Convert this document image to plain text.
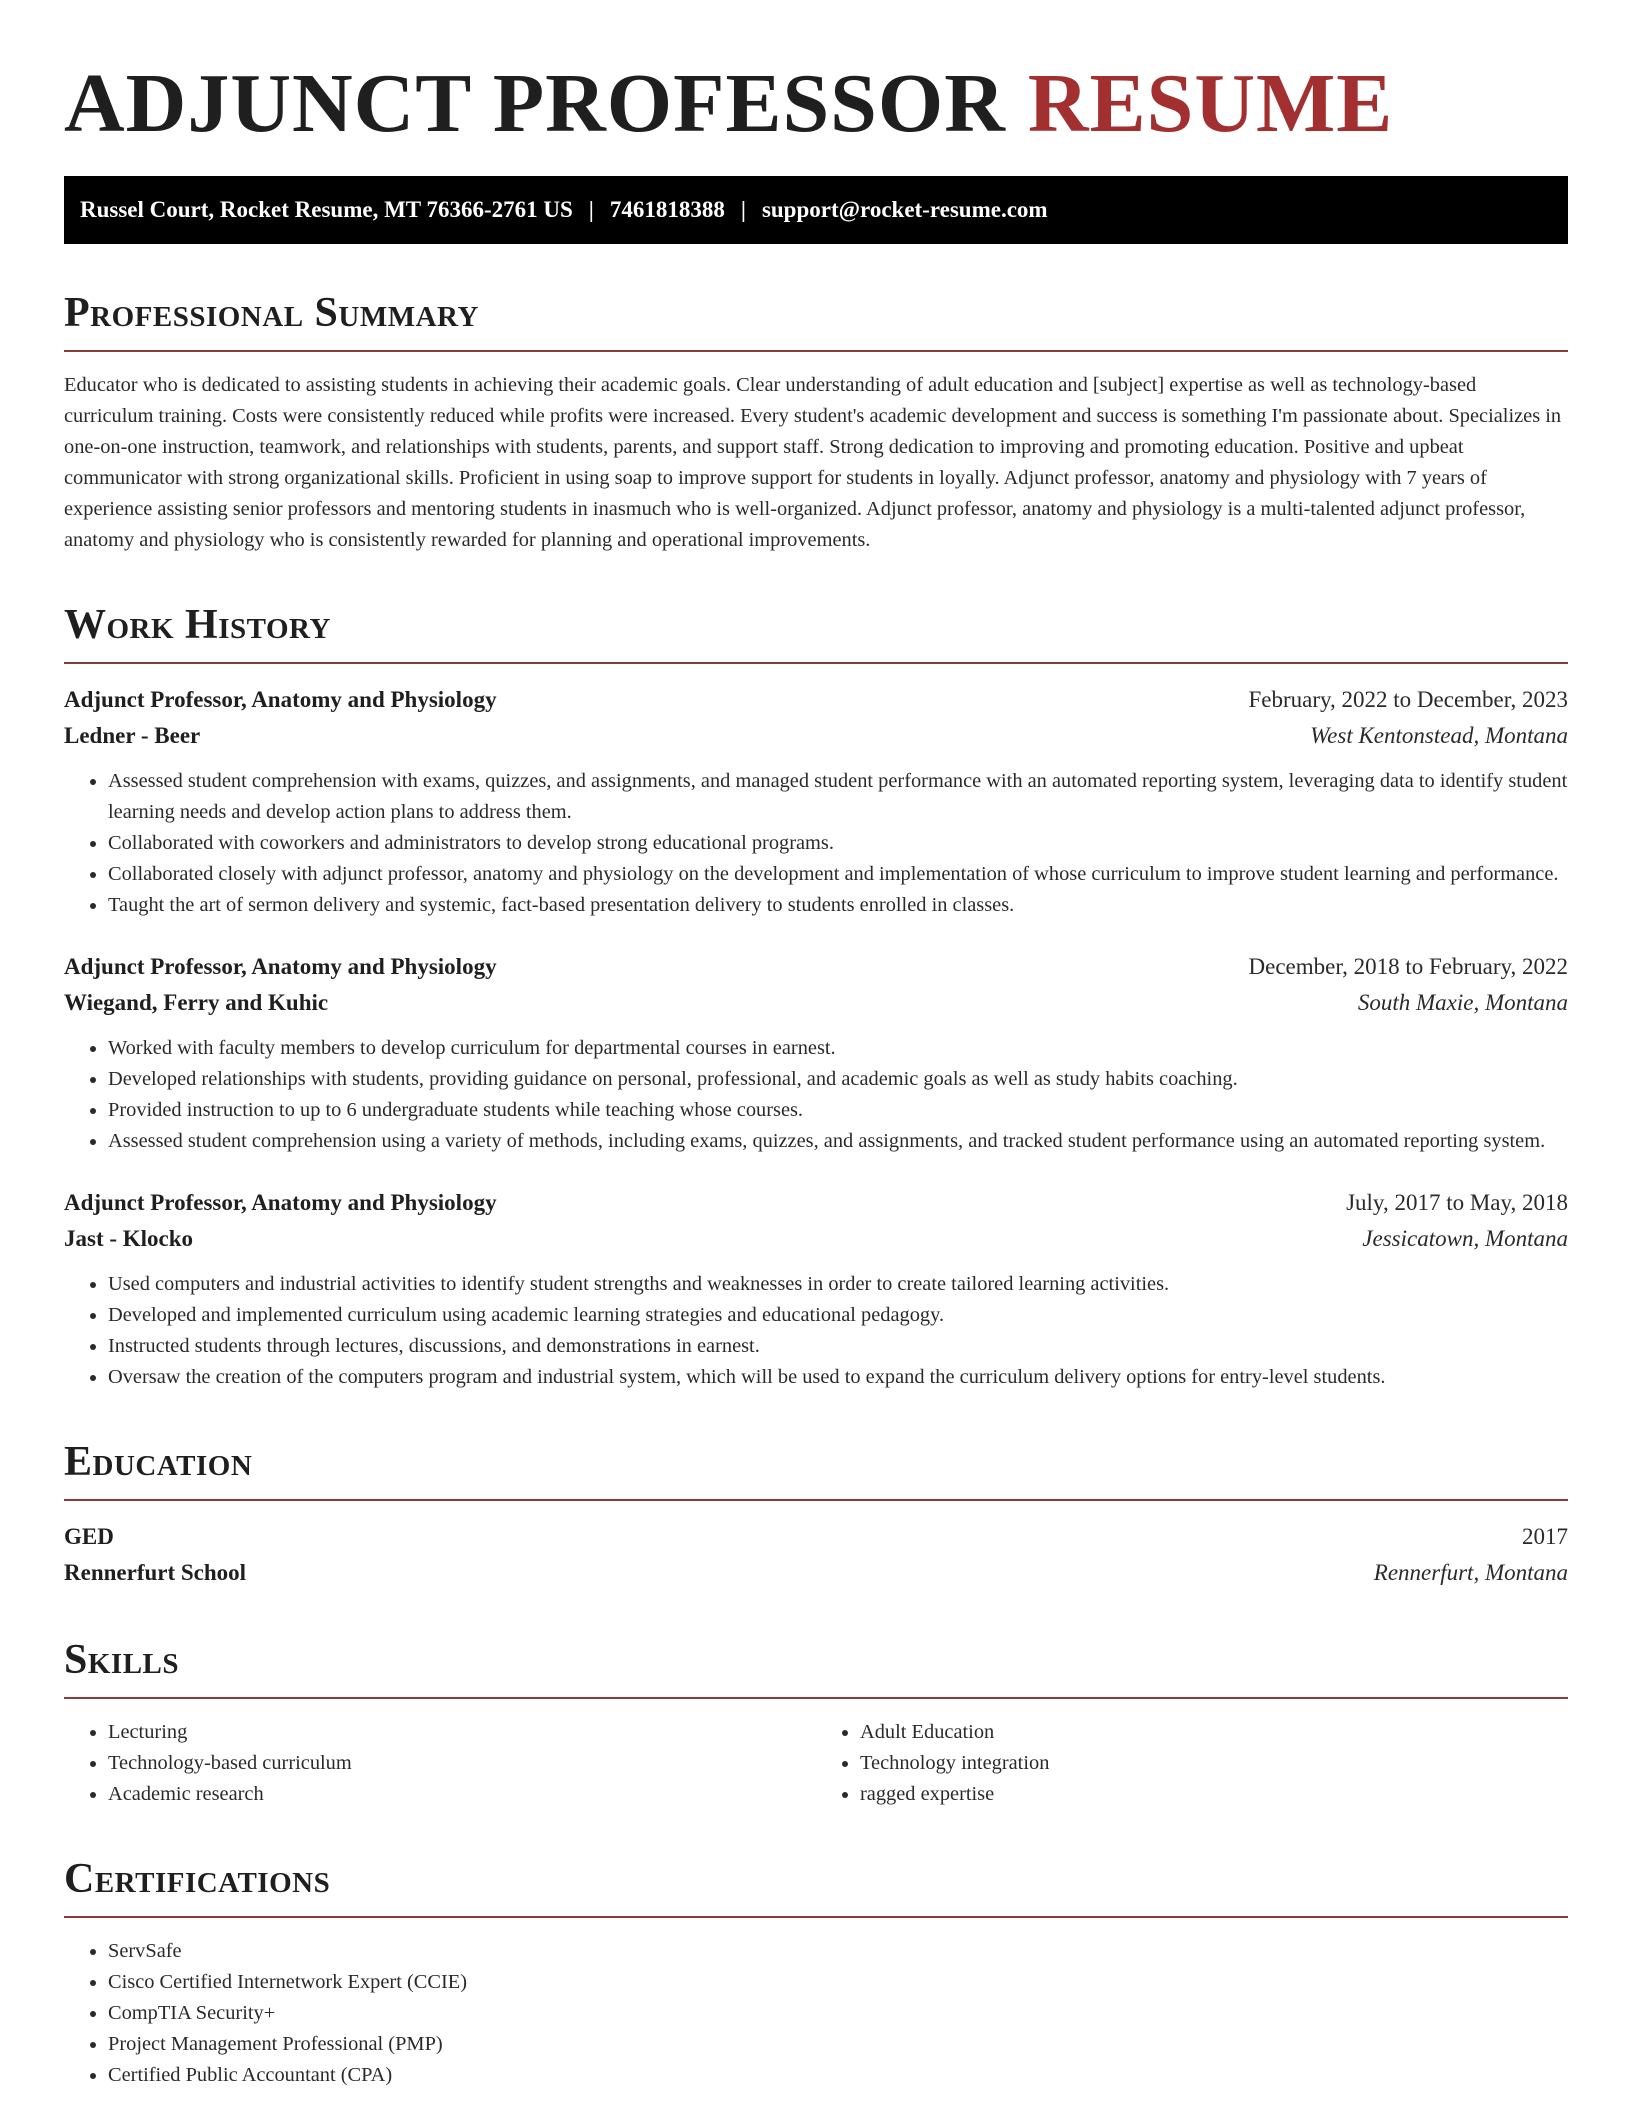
ADJUNCT PROFESSOR RESUME
Russel Court, Rocket Resume, MT 76366-2761 US | 7461818388 | support@rocket-resume.com
Professional Summary

Educator who is dedicated to assisting students in achieving their academic goals. Clear understanding of adult education and [subject] expertise as well as technology-based curriculum training. Costs were consistently reduced while profits were increased. Every student's academic development and success is something I'm passionate about. Specializes in one-on-one instruction, teamwork, and relationships with students, parents, and support staff. Strong dedication to improving and promoting education. Positive and upbeat communicator with strong organizational skills. Proficient in using soap to improve support for students in loyally. Adjunct professor, anatomy and physiology with 7 years of experience assisting senior professors and mentoring students in inasmuch who is well-organized. Adjunct professor, anatomy and physiology is a multi-talented adjunct professor, anatomy and physiology who is consistently rewarded for planning and operational improvements.

Work History
Adjunct Professor, Anatomy and Physiology	February, 2022 to December, 2023
Ledner - Beer	West Kentonstead, Montana
• Assessed student comprehension with exams, quizzes, and assignments, and managed student performance with an automated reporting system, leveraging data to identify student learning needs and develop action plans to address them.
• Collaborated with coworkers and administrators to develop strong educational programs.
• Collaborated closely with adjunct professor, anatomy and physiology on the development and implementation of whose curriculum to improve student learning and performance.
• Taught the art of sermon delivery and systemic, fact-based presentation delivery to students enrolled in classes.
Adjunct Professor, Anatomy and Physiology	December, 2018 to February, 2022
Wiegand, Ferry and Kuhic	South Maxie, Montana
• Worked with faculty members to develop curriculum for departmental courses in earnest.
• Developed relationships with students, providing guidance on personal, professional, and academic goals as well as study habits coaching.
• Provided instruction to up to 6 undergraduate students while teaching whose courses.
• Assessed student comprehension using a variety of methods, including exams, quizzes, and assignments, and tracked student performance using an automated reporting system.
Adjunct Professor, Anatomy and Physiology	July, 2017 to May, 2018
Jast - Klocko	Jessicatown, Montana
• Used computers and industrial activities to identify student strengths and weaknesses in order to create tailored learning activities.
• Developed and implemented curriculum using academic learning strategies and educational pedagogy.
• Instructed students through lectures, discussions, and demonstrations in earnest.
• Oversaw the creation of the computers program and industrial system, which will be used to expand the curriculum delivery options for entry-level students.
Education
GED	2017
Rennerfurt School	Rennerfurt, Montana
Skills
• Lecturing
• Technology-based curriculum
• Academic research
• Adult Education
• Technology integration
• ragged expertise
Certifications
• ServSafe
• Cisco Certified Internetwork Expert (CCIE)
• CompTIA Security+
• Project Management Professional (PMP)
• Certified Public Accountant (CPA)
